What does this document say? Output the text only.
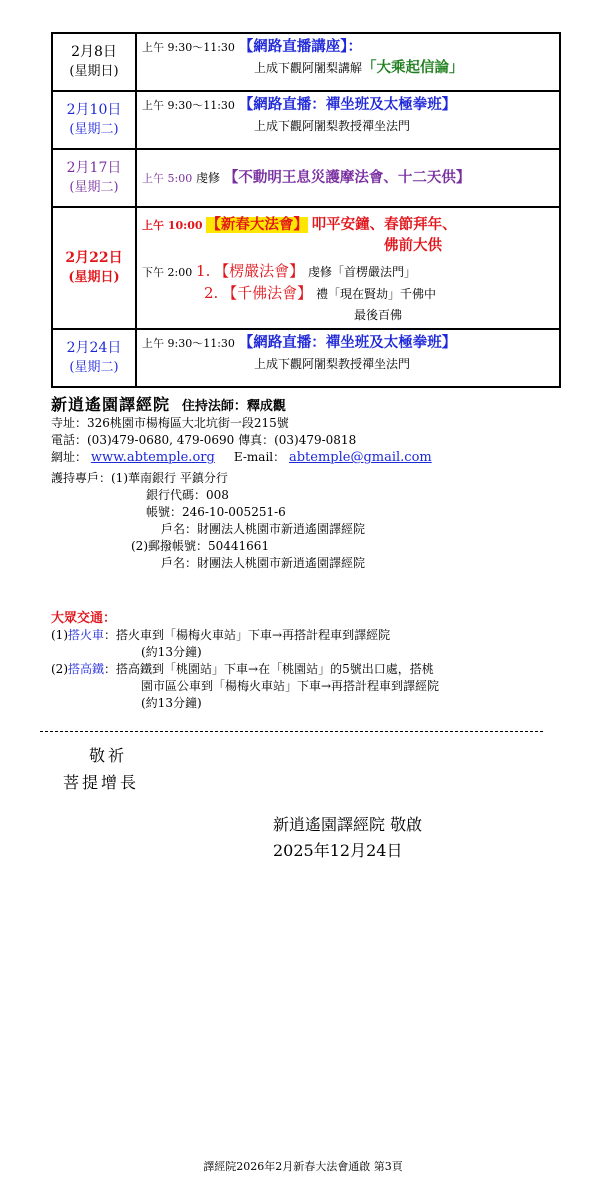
2月8日
(星期日)
上午 9:30～11:30 【網路直播講座】：
上成下觀阿闍梨講解「大乘起信論」
2月10日
(星期二)
上午 9:30～11:30 【網路直播：禪坐班及太極拳班】
上成下觀阿闍梨教授禪坐法門
2月17日
(星期二)
上午 5:00 虔修 【不動明王息災護摩法會、十二天供】
2月22日
(星期日)
上午 10:00 【新春大法會】 叩平安鐘、春節拜年、
佛前大供
下午 2:00 1. 【楞嚴法會】 虔修「首楞嚴法門」
2. 【千佛法會】 禮「現在賢劫」千佛中
最後百佛
2月24日
(星期二)
上午 9:30～11:30 【網路直播：禪坐班及太極拳班】
上成下觀阿闍梨教授禪坐法門
新逍遙園譯經院 住持法師：釋成觀
寺址：326桃園市楊梅區大北坑街一段215號
電話：(03)479-0680, 479-0690 傳真：(03)479-0818
網址： www.abtemple.org E-mail： abtemple@gmail.com
護持專戶：(1)華南銀行 平鎮分行
銀行代碼：008
帳號：246-10-005251-6
戶名：財團法人桃園市新逍遙園譯經院
(2)郵撥帳號：50441661
戶名：財團法人桃園市新逍遙園譯經院
大眾交通：
(1)搭火車：搭火車到「楊梅火車站」下車→再搭計程車到譯經院
(約13分鐘)
(2)搭高鐵：搭高鐵到「桃園站」下車→在「桃園站」的5號出口處，搭桃
園市區公車到「楊梅火車站」下車→再搭計程車到譯經院
(約13分鐘)
敬祈
菩提增長
新逍遙園譯經院 敬啟
2025年12月24日
譯經院2026年2月新春大法會通啟 第3頁
